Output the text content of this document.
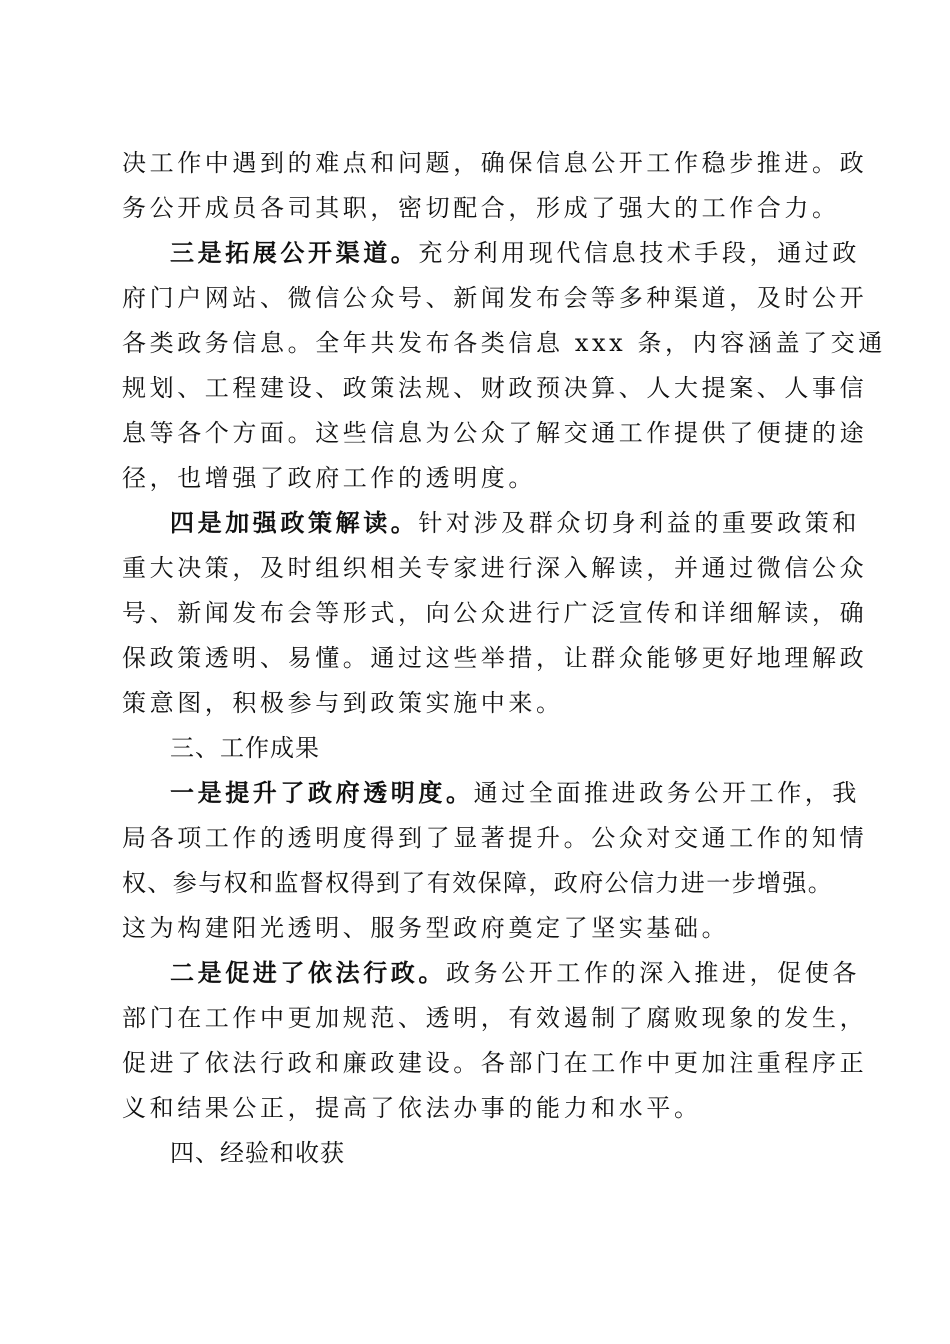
决工作中遇到的难点和问题，确保信息公开工作稳步推进。政
务公开成员各司其职，密切配合，形成了强大的工作合力。
三是拓展公开渠道。充分利用现代信息技术手段，通过政
府门户网站、微信公众号、新闻发布会等多种渠道，及时公开
各类政务信息。全年共发布各类信息 xxx 条，内容涵盖了交通
规划、工程建设、政策法规、财政预决算、人大提案、人事信
息等各个方面。这些信息为公众了解交通工作提供了便捷的途
径，也增强了政府工作的透明度。
四是加强政策解读。针对涉及群众切身利益的重要政策和
重大决策，及时组织相关专家进行深入解读，并通过微信公众
号、新闻发布会等形式，向公众进行广泛宣传和详细解读，确
保政策透明、易懂。通过这些举措，让群众能够更好地理解政
策意图，积极参与到政策实施中来。
三、工作成果
一是提升了政府透明度。通过全面推进政务公开工作，我
局各项工作的透明度得到了显著提升。公众对交通工作的知情
权、参与权和监督权得到了有效保障，政府公信力进一步增强。
这为构建阳光透明、服务型政府奠定了坚实基础。
二是促进了依法行政。政务公开工作的深入推进，促使各
部门在工作中更加规范、透明，有效遏制了腐败现象的发生，
促进了依法行政和廉政建设。各部门在工作中更加注重程序正
义和结果公正，提高了依法办事的能力和水平。
四、经验和收获
